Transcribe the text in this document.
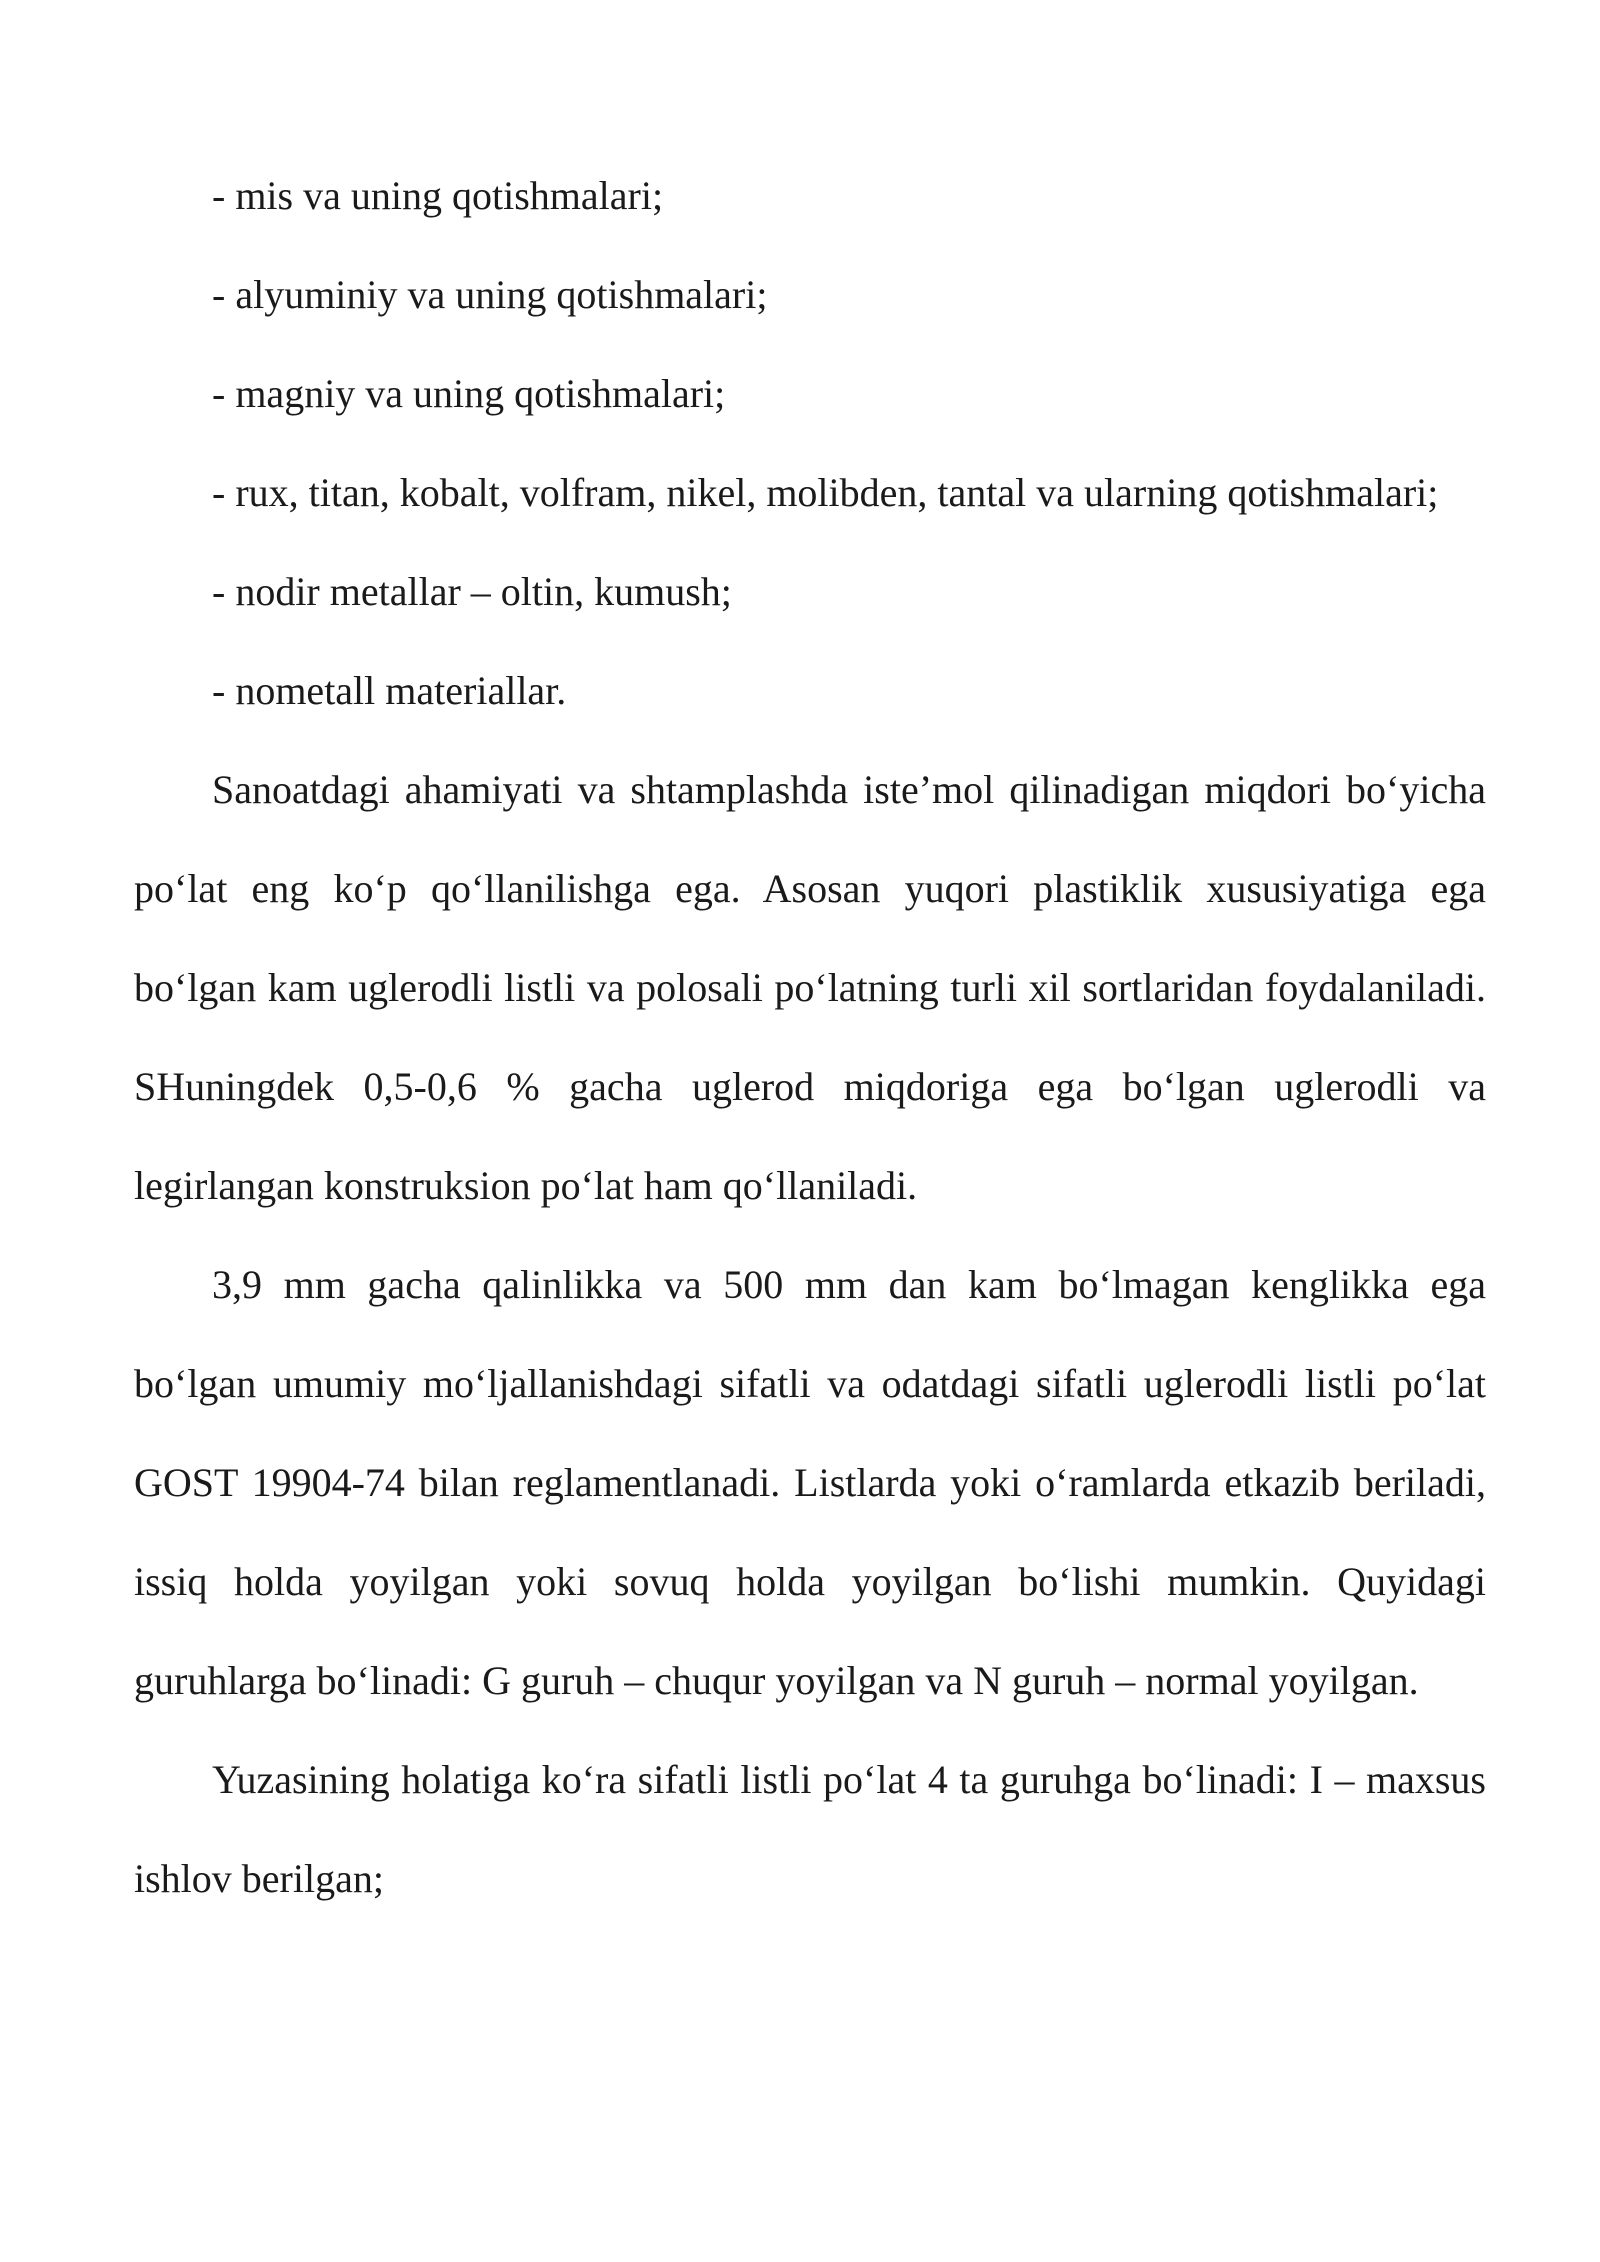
- mis va uning qotishmalari;

- alyuminiy va uning qotishmalari;

- magniy va uning qotishmalari;

- rux, titan, kobalt, volfram, nikel, molibden, tantal va ularning qotishmalari;

- nodir metallar – oltin, kumush;

- nometall materiallar.

Sanoatdagi ahamiyati va shtamplashda iste’mol qilinadigan miqdori bo‘yicha po‘lat eng ko‘p qo‘llanilishga ega. Asosan yuqori plastiklik xususiyatiga ega bo‘lgan kam uglerodli listli va polosali po‘latning turli xil sortlaridan foydalaniladi. SHuningdek 0,5-0,6 % gacha uglerod miqdoriga ega bo‘lgan uglerodli va legirlangan konstruksion po‘lat ham qo‘llaniladi.

3,9 mm gacha qalinlikka va 500 mm dan kam bo‘lmagan kenglikka ega bo‘lgan umumiy mo‘ljallanishdagi sifatli va odatdagi sifatli uglerodli listli po‘lat GOST 19904-74 bilan reglamentlanadi. Listlarda yoki o‘ramlarda etkazib beriladi, issiq holda yoyilgan yoki sovuq holda yoyilgan bo‘lishi mumkin. Quyidagi guruhlarga bo‘linadi: G guruh – chuqur yoyilgan va N guruh – normal yoyilgan.

Yuzasining holatiga ko‘ra sifatli listli po‘lat 4 ta guruhga bo‘linadi: I – maxsus ishlov berilgan;
